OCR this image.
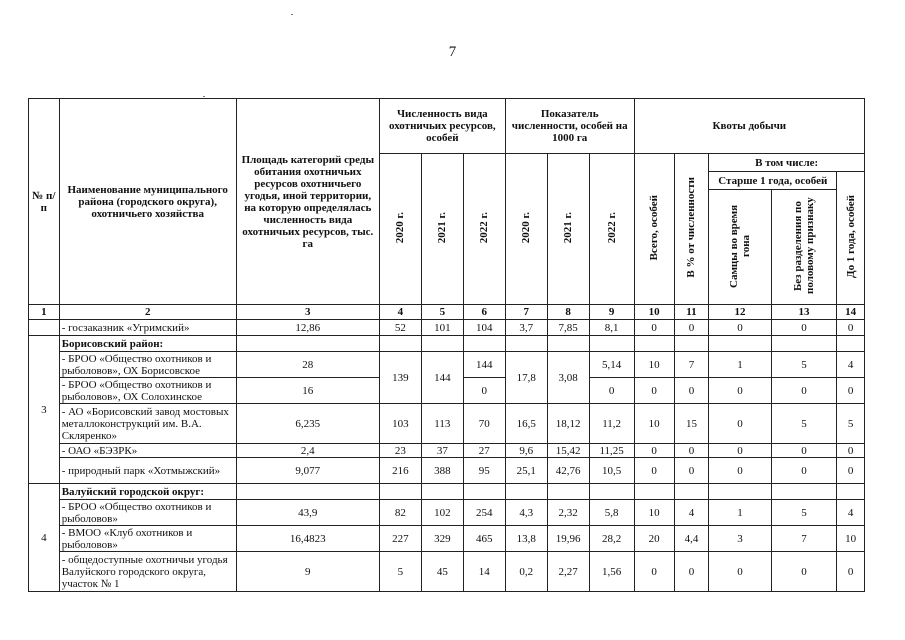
7
№ п/п	Наименование муниципального района (городского округа), охотничьего хозяйства	Площадь категорий среды обитания охотничьих ресурсов охотничьего угодья, иной территории, на которую определялась численность вида охотничьих ресурсов, тыс. га	Численность вида охотничьих ресурсов, особей			Показатель численности, особей на 1000 га			Квоты добычи				
			2020 г.	2021 г.	2022 г.	2020 г.	2021 г.	2022 г.	Всего, особей	В % от численности	В том числе:		
											Старше 1 года, особей		До 1 года, особей
											Самцы во время гона	Без разделения по половому признаку	
1	2	3	4	5	6	7	8	9	10	11	12	13	14
	- госзаказник «Угримский»	12,86	52	101	104	3,7	7,85	8,1	0	0	0	0	0
3	Борисовский район:												
	- БРОО «Общество охотников и рыболовов», ОХ Борисовское	28	139	144	144	17,8	3,08	5,14	10	7	1	5	4
	- БРОО «Общество охотников и рыболовов», ОХ Солохинское	16			0			0	0	0	0	0	0
	- АО «Борисовский завод мостовых металлоконструкций им. В.А. Скляренко»	6,235	103	113	70	16,5	18,12	11,2	10	15	0	5	5
	- ОАО «БЭЗРК»	2,4	23	37	27	9,6	15,42	11,25	0	0	0	0	0
	- природный парк «Хотмыжский»	9,077	216	388	95	25,1	42,76	10,5	0	0	0	0	0
4	Валуйский городской округ:												
	- БРОО «Общество охотников и рыболовов»	43,9	82	102	254	4,3	2,32	5,8	10	4	1	5	4
	- ВМОО «Клуб охотников и рыболовов»	16,4823	227	329	465	13,8	19,96	28,2	20	4,4	3	7	10
	- общедоступные охотничьи угодья Валуйского городского округа, участок № 1	9	5	45	14	0,2	2,27	1,56	0	0	0	0	0
